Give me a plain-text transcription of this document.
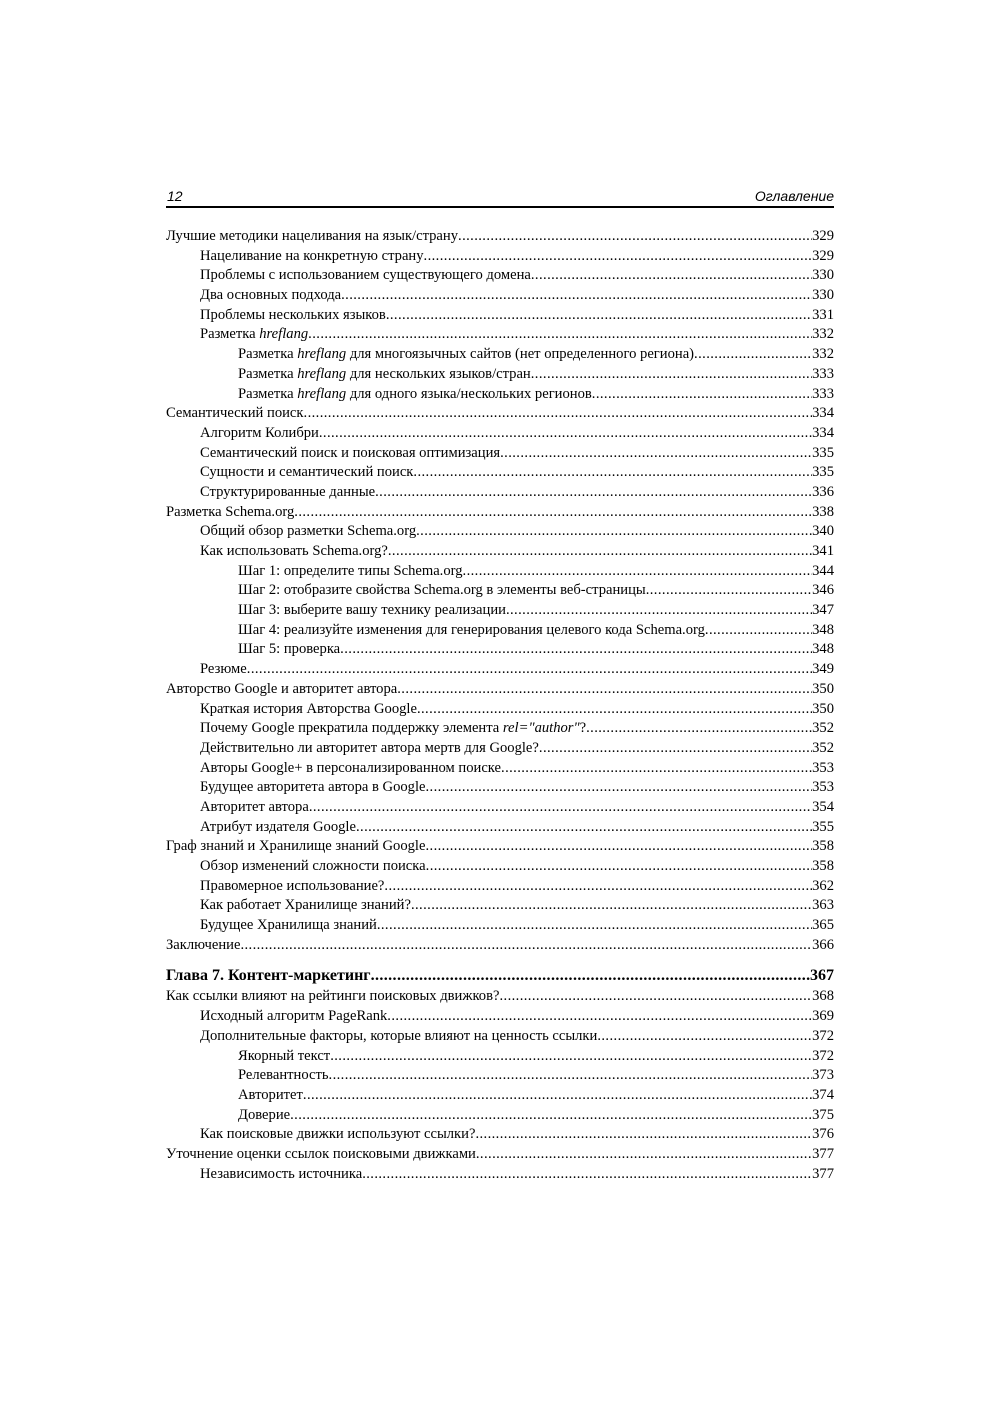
12	Оглавление
Лучшие методики нацеливания на язык/страну .....	329
Нацеливание на конкретную страну .....	329
Проблемы с использованием существующего домена .....	330
Два основных подхода .....	330
Проблемы нескольких языков .....	331
Разметка hreflang .....	332
Разметка hreflang для многоязычных сайтов (нет определенного региона) .....	332
Разметка hreflang для нескольких языков/стран .....	333
Разметка hreflang для одного языка/нескольких регионов .....	333
Семантический поиск .....	334
Алгоритм Колибри .....	334
Семантический поиск и поисковая оптимизация .....	335
Сущности и семантический поиск .....	335
Структурированные данные .....	336
Разметка Schema.org .....	338
Общий обзор разметки Schema.org .....	340
Как использовать Schema.org? .....	341
Шаг 1: определите типы Schema.org .....	344
Шаг 2: отобразите свойства Schema.org в элементы веб-страницы .....	346
Шаг 3: выберите вашу технику реализации .....	347
Шаг 4: реализуйте изменения для генерирования целевого кода Schema.org .....	348
Шаг 5: проверка .....	348
Резюме .....	349
Авторство Google и авторитет автора .....	350
Краткая история Авторства Google .....	350
Почему Google прекратила поддержку элемента rel="author"? .....	352
Действительно ли авторитет автора мертв для Google? .....	352
Авторы Google+ в персонализированном поиске .....	353
Будущее авторитета автора в Google .....	353
Авторитет автора .....	354
Атрибут издателя Google .....	355
Граф знаний и Хранилище знаний Google .....	358
Обзор изменений сложности поиска .....	358
Правомерное использование? .....	362
Как работает Хранилище знаний? .....	363
Будущее Хранилища знаний .....	365
Заключение .....	366
Глава 7. Контент-маркетинг .....	367
Как ссылки влияют на рейтинги поисковых движков? .....	368
Исходный алгоритм PageRank .....	369
Дополнительные факторы, которые влияют на ценность ссылки .....	372
Якорный текст .....	372
Релевантность .....	373
Авторитет .....	374
Доверие .....	375
Как поисковые движки используют ссылки? .....	376
Уточнение оценки ссылок поисковыми движками .....	377
Независимость источника .....	377
